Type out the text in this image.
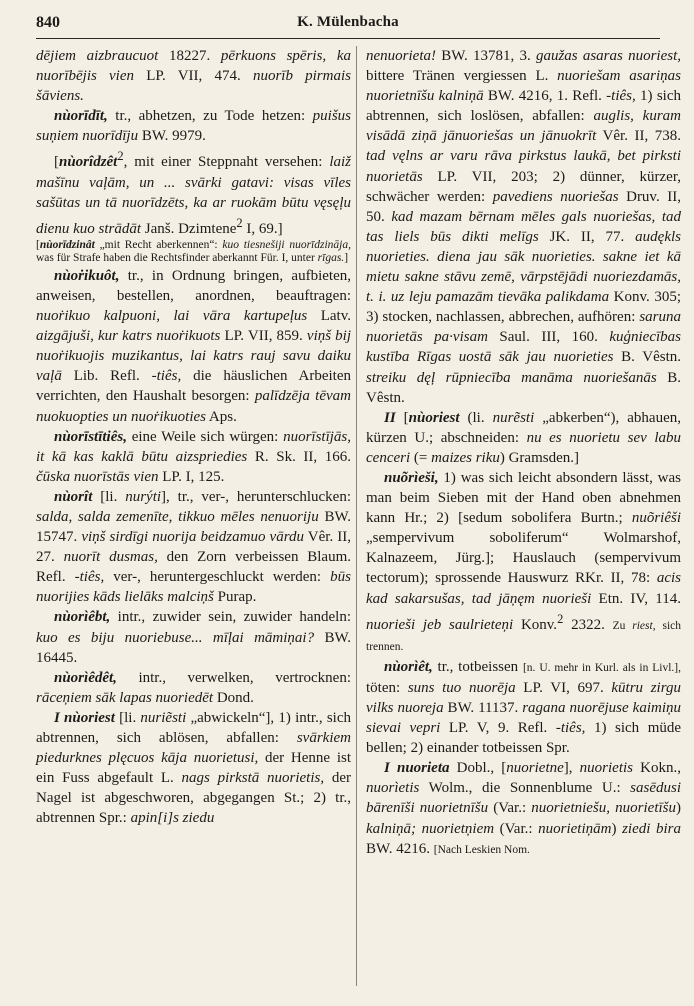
840	K. Mülenbacha

dējiem aizbraucuot 18227. pērkuons spēris, ka nuorībējis vien LP. VII, 474. nuorīb pirmais šāviens.

nùorīdīt, tr., abhetzen, zu Tode hetzen: puišus suņiem nuorīdīju BW. 9979.

[nùorîdzêt$^2$, mit einer Steppnaht versehen: laiž mašīnu vaļām, un ... svārki gatavi: visas vīles sašūtas un tā nuorīdzēts, ka ar ruokām būtu vęsęļu dienu kuo strādāt Janš. Dzimtene$^2$ I, 69.]

[nùorīdzinât „mit Recht aberkennen“: kuo tiesnešiji nuorīdzināja, was für Strafe haben die Rechtsfinder aberkannt Für. I, unter rīgas.]

nùoṙikuôt, tr., in Ordnung bringen, aufbieten, anweisen, bestellen, anordnen, beauftragen: nuoṙikuo kalpuoni, lai vāra kartupeļus Latv. aizgājuši, kur katrs nuoṙikuots LP. VII, 859. viņš bij nuoṙikuojis muzikantus, lai katrs rauj savu daiku vaļā Lib. Refl. -tiês, die häuslichen Arbeiten verrichten, den Haushalt besorgen: palīdzēja tēvam nuokuopties un nuoṙikuoties Aps.

nùorīstītiês, eine Weile sich würgen: nuorīstījās, it kā kas kaklā būtu aizspriedies R. Sk. II, 166. čūska nuorīstās vien LP. I, 125.

nùorît [li. nurýti], tr., ver-, herunterschlucken: salda, salda zemenīte, tikkuo mēles nenuoriju BW. 15747. viņš sirdīgi nuorija beidzamuo vārdu Vêr. II, 27. nuorīt dusmas, den Zorn verbeissen Blaum. Refl. -tiês, ver-, heruntergeschluckt werden: būs nuorijies kāds lielāks malciņš Purap.

nùorìêbt, intr., zuwider sein, zuwider handeln: kuo es biju nuoriebuse... mīļai māmiņai? BW. 16445.

nùorìêdêt, intr., verwelken, vertrocknen: rāceņiem sāk lapas nuoriedēt Dond.

I nùoriest [li. nuriẽsti „abwickeln“], 1) intr., sich abtrennen, sich ablösen, abfallen: svārkiem piedurknes plęcuos kāja nuorietusi, der Henne ist ein Fuss abgefault L. nags pirkstā nuorietis, der Nagel ist abgeschworen, abgegangen St.; 2) tr., abtrennen Spr.: apin[i]s ziedu

nenuorieta! BW. 13781, 3. gaužas asaras nuoriest, bittere Tränen vergiessen L. nuoriešam asariņas nuorietnīšu kalniņā BW. 4216, 1. Refl. -tiês, 1) sich abtrennen, sich loslösen, abfallen: auglis, kuram visādā ziņā jānuoriešas un jānuokrīt Vêr. II, 738. tad vęlns ar varu rāva pirkstus laukā, bet pirksti nuorietās LP. VII, 203; 2) dünner, kürzer, schwächer werden: pavediens nuoriešas Druv. II, 50. kad mazam bērnam mēles gals nuoriešas, tad tas liels būs dikti melīgs JK. II, 77. audękls nuorieties. diena jau sāk nuorieties. sakne iet kā mietu sakne stāvu zemē, vārpstējādi nuoriezdamās, t. i. uz leju pamazām tievāka palikdama Konv. 305; 3) stocken, nachlassen, abbrechen, aufhören: saruna nuorietās pa·visam Saul. III, 160. kuģniecības kustība Rīgas uostā sāk jau nuorieties B. Vêstn. streiku dęļ rūpniecība manāma nuoriešanās B. Vêstn.

II [nùoriest (li. nurẽsti „abkerben“), abhauen, kürzen U.; abschneiden: nu es nuorietu sev labu cenceri (= maizes riku) Gramsden.]

nuõrìeši, 1) was sich leicht absondern lässt, was man beim Sieben mit der Hand oben abnehmen kann Hr.; 2) [sedum sobolifera Burtn.; nuõriêši „sempervivum soboliferum“ Wolmarshof, Kalnazeem, Jürg.]; Hauslauch (sempervivum tectorum); sprossende Hauswurz RKr. II, 78: acis kad sakarsušas, tad jāņęm nuorieši Etn. IV, 114. nuorieši jeb saulrieteņi Konv.$^2$ 2322. Zu riest, sich trennen.

nùorìêt, tr., totbeissen [n. U. mehr in Kurl. als in Livl.], töten: suns tuo nuorēja LP. VI, 697. kūtru zirgu vilks nuoreja BW. 11137. ragana nuorējuse kaimiņu sievai vepri LP. V, 9. Refl. -tiês, 1) sich müde bellen; 2) einander totbeissen Spr.

I nuorieta Dobl., [nuorietne], nuorietis Kokn., nuorìetis Wolm., die Sonnenblume U.: sasēdusi bārenīši nuorietnīšu (Var.: nuorietniešu, nuorietīšu) kalniņā; nuorietņiem (Var.: nuorietiņām) ziedi bira BW. 4216. [Nach Leskien Nom.
